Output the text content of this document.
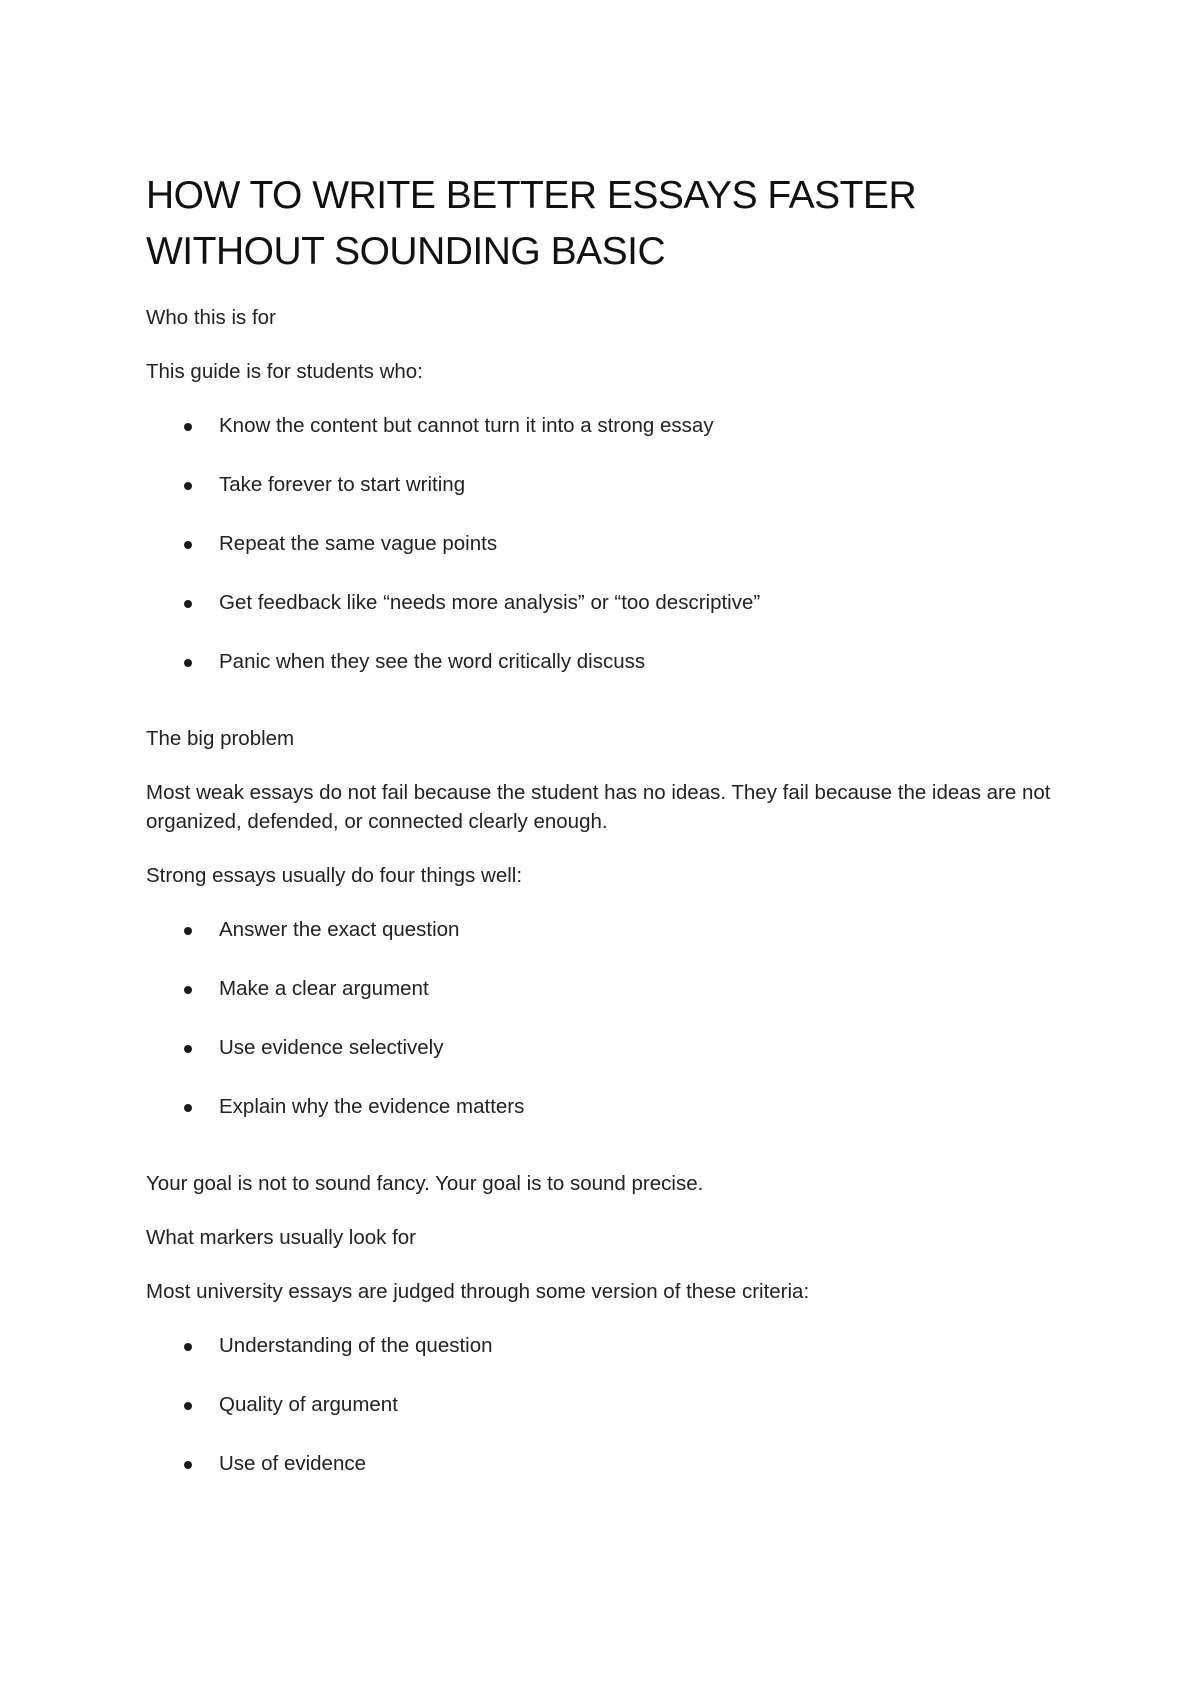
HOW TO WRITE BETTER ESSAYS FASTER WITHOUT SOUNDING BASIC

Who this is for

This guide is for students who:

Know the content but cannot turn it into a strong essay
Take forever to start writing
Repeat the same vague points
Get feedback like “needs more analysis” or “too descriptive”
Panic when they see the word critically discuss

The big problem

Most weak essays do not fail because the student has no ideas. They fail because the ideas are not organized, defended, or connected clearly enough.

Strong essays usually do four things well:

Answer the exact question
Make a clear argument
Use evidence selectively
Explain why the evidence matters

Your goal is not to sound fancy. Your goal is to sound precise.

What markers usually look for

Most university essays are judged through some version of these criteria:

Understanding of the question
Quality of argument
Use of evidence
